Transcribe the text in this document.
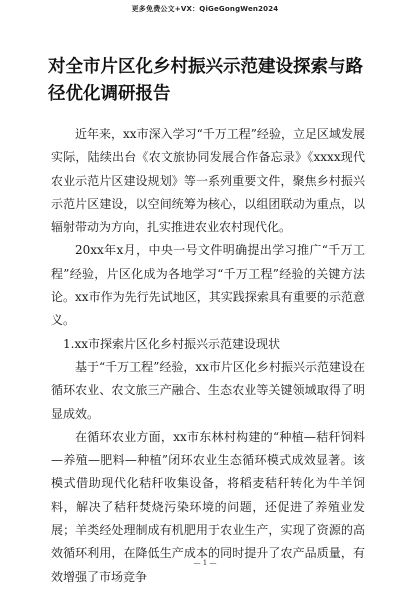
更多免费公文+VX：QiGeGongWen2024
对全市片区化乡村振兴示范建设探索与路径优化调研报告

近年来，xx市深入学习“千万工程”经验，立足区域发展实际，陆续出台《农文旅协同发展合作备忘录》《xxxx现代农业示范片区建设规划》等一系列重要文件，聚焦乡村振兴示范片区建设，以空间统筹为核心，以组团联动为重点，以辐射带动为方向，扎实推进农业农村现代化。

20xx年x月，中央一号文件明确提出学习推广“千万工程”经验，片区化成为各地学习“千万工程”经验的关键方法论。xx市作为先行先试地区，其实践探索具有重要的示范意义。

1.xx市探索片区化乡村振兴示范建设现状

基于“千万工程”经验，xx市片区化乡村振兴示范建设在循环农业、农文旅三产融合、生态农业等关键领域取得了明显成效。

在循环农业方面，xx市东林村构建的“种植—秸秆饲料—养殖—肥料—种植”闭环农业生态循环模式成效显著。该模式借助现代化秸秆收集设备，将稻麦秸秆转化为牛羊饲料，解决了秸秆焚烧污染环境的问题，还促进了养殖业发展；羊类经处理制成有机肥用于农业生产，实现了资源的高效循环利用，在降低生产成本的同时提升了农产品质量，有效增强了市场竞争

— 1 —
